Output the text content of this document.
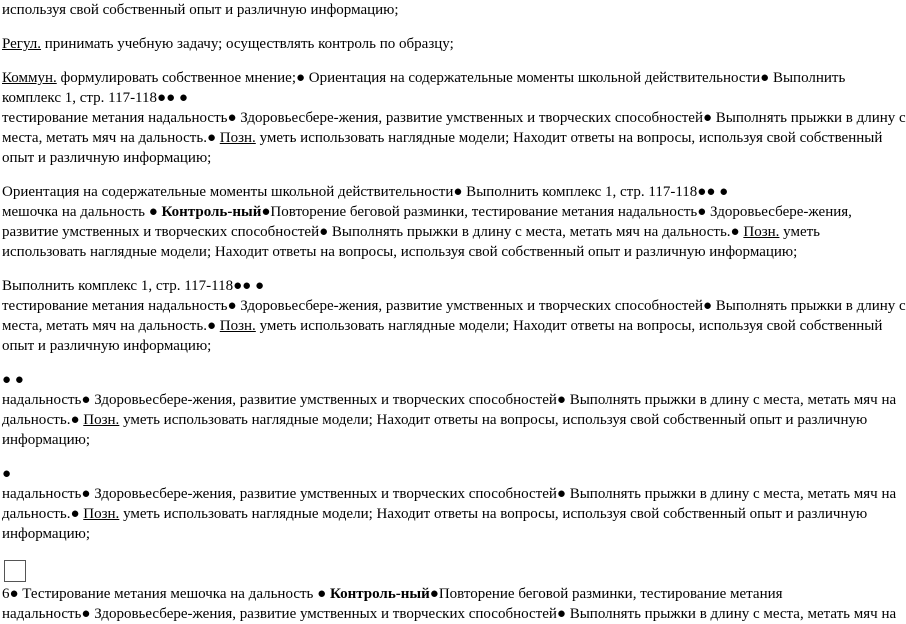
используя свой собственный опыт и различную информацию;

Регул. принимать учебную задачу; осуществлять контроль по образцу;

Коммун. формулировать собственное мнение;● Ориентация на содержательные моменты школьной действительности● Выполнить

комплекс 1, стр. 117-118●● ●

тестирование метания надальность● Здоровьесбере-жения, развитие умственных и творческих способностей● Выполнять прыжки в длину с

места, метать мяч на дальность.● Позн. уметь использовать наглядные модели; Находит ответы на вопросы, используя свой собственный

опыт и различную информацию;

Ориентация на содержательные моменты школьной действительности● Выполнить комплекс 1, стр. 117-118●● ●

мешочка на дальность ● Контроль-ный●Повторение беговой разминки, тестирование метания надальность● Здоровьесбере-жения,

развитие умственных и творческих способностей● Выполнять прыжки в длину с места, метать мяч на дальность.● Позн. уметь

использовать наглядные модели; Находит ответы на вопросы, используя свой собственный опыт и различную информацию;

Выполнить комплекс 1, стр. 117-118●● ●

тестирование метания надальность● Здоровьесбере-жения, развитие умственных и творческих способностей● Выполнять прыжки в длину с

места, метать мяч на дальность.● Позн. уметь использовать наглядные модели; Находит ответы на вопросы, используя свой собственный

опыт и различную информацию;

● ●

надальность● Здоровьесбере-жения, развитие умственных и творческих способностей● Выполнять прыжки в длину с места, метать мяч на

дальность.● Позн. уметь использовать наглядные модели; Находит ответы на вопросы, используя свой собственный опыт и различную

информацию;

●

надальность● Здоровьесбере-жения, развитие умственных и творческих способностей● Выполнять прыжки в длину с места, метать мяч на

дальность.● Позн. уметь использовать наглядные модели; Находит ответы на вопросы, используя свой собственный опыт и различную

информацию;

6● Тестирование метания мешочка на дальность ● Контроль-ный●Повторение беговой разминки, тестирование метания

надальность● Здоровьесбере-жения, развитие умственных и творческих способностей● Выполнять прыжки в длину с места, метать мяч на
